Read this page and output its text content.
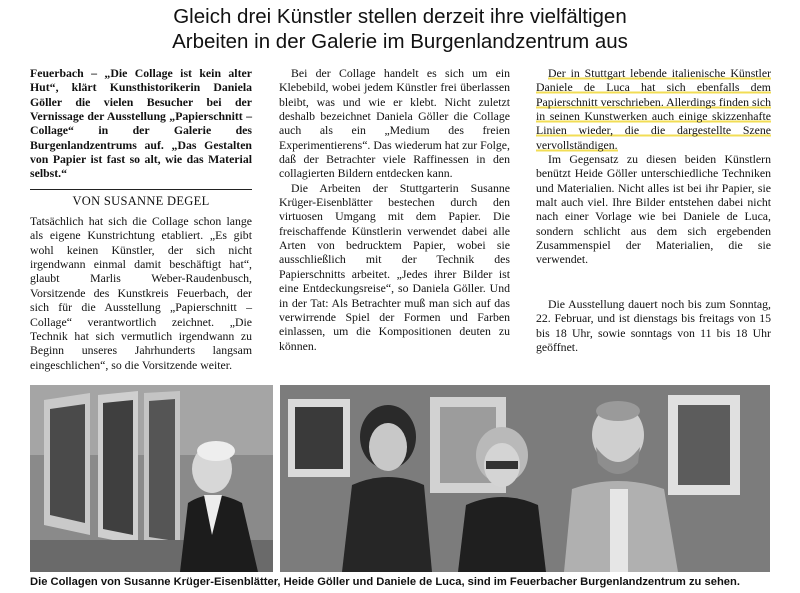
Gleich drei Künstler stellen derzeit ihre vielfältigen
Arbeiten in der Galerie im Burgenlandzentrum aus

Feuerbach – „Die Collage ist kein alter Hut“, klärt Kunsthistorikerin Daniela Göller die vielen Besucher bei der Vernissage der Ausstellung „Papierschnitt – Collage“ in der Galerie des Burgenlandzentrums auf. „Das Gestalten von Papier ist fast so alt, wie das Material selbst.“

VON SUSANNE DEGEL

Tatsächlich hat sich die Collage schon lange als eigene Kunstrichtung etabliert. „Es gibt wohl keinen Künstler, der sich nicht irgendwann einmal damit beschäftigt hat“, glaubt Marlis Weber-Raudenbusch, Vorsitzende des Kunstkreis Feuerbach, der sich für die Ausstellung „Papierschnitt – Collage“ verantwortlich zeichnet. „Die Technik hat sich vermutlich irgendwann zu Beginn unseres Jahrhunderts langsam eingeschlichen“, so die Vorsitzende weiter.

Bei der Collage handelt es sich um ein Klebebild, wobei jedem Künstler frei überlassen bleibt, was und wie er klebt. Nicht zuletzt deshalb bezeichnet Daniela Göller die Collage auch als ein „Medium des freien Experimentierens“. Das wiederum hat zur Folge, daß der Betrachter viele Raffinessen in den collagierten Bildern entdecken kann.

Die Arbeiten der Stuttgarterin Susanne Krüger-Eisenblätter bestechen durch den virtuosen Umgang mit dem Papier. Die freischaffende Künstlerin verwendet dabei alle Arten von bedrucktem Papier, wobei sie ausschließlich mit der Technik des Papierschnitts arbeitet. „Jedes ihrer Bilder ist eine Entdeckungsreise“, so Daniela Göller. Und in der Tat: Als Betrachter muß man sich auf das verwirrende Spiel der Formen und Farben einlassen, um die Kompositionen deuten zu können.

Der in Stuttgart lebende italienische Künstler Daniele de Luca hat sich ebenfalls dem Papierschnitt verschrieben. Allerdings finden sich in seinen Kunstwerken auch einige skizzenhafte Linien wieder, die die dargestellte Szene vervollständigen.

Im Gegensatz zu diesen beiden Künstlern benützt Heide Göller unterschiedliche Techniken und Materialien. Nicht alles ist bei ihr Papier, sie malt auch viel. Ihre Bilder entstehen dabei nicht nach einer Vorlage wie bei Daniele de Luca, sondern schlicht aus dem sich ergebenden Zusammenspiel der Materialien, die sie verwendet.

Die Ausstellung dauert noch bis zum Sonntag, 22. Februar, und ist dienstags bis freitags von 15 bis 18 Uhr, sowie sonntags von 11 bis 18 Uhr geöffnet.

Die Collagen von Susanne Krüger-Eisenblätter, Heide Göller und Daniele de Luca, sind im Feuerbacher Burgenlandzentrum zu sehen.
